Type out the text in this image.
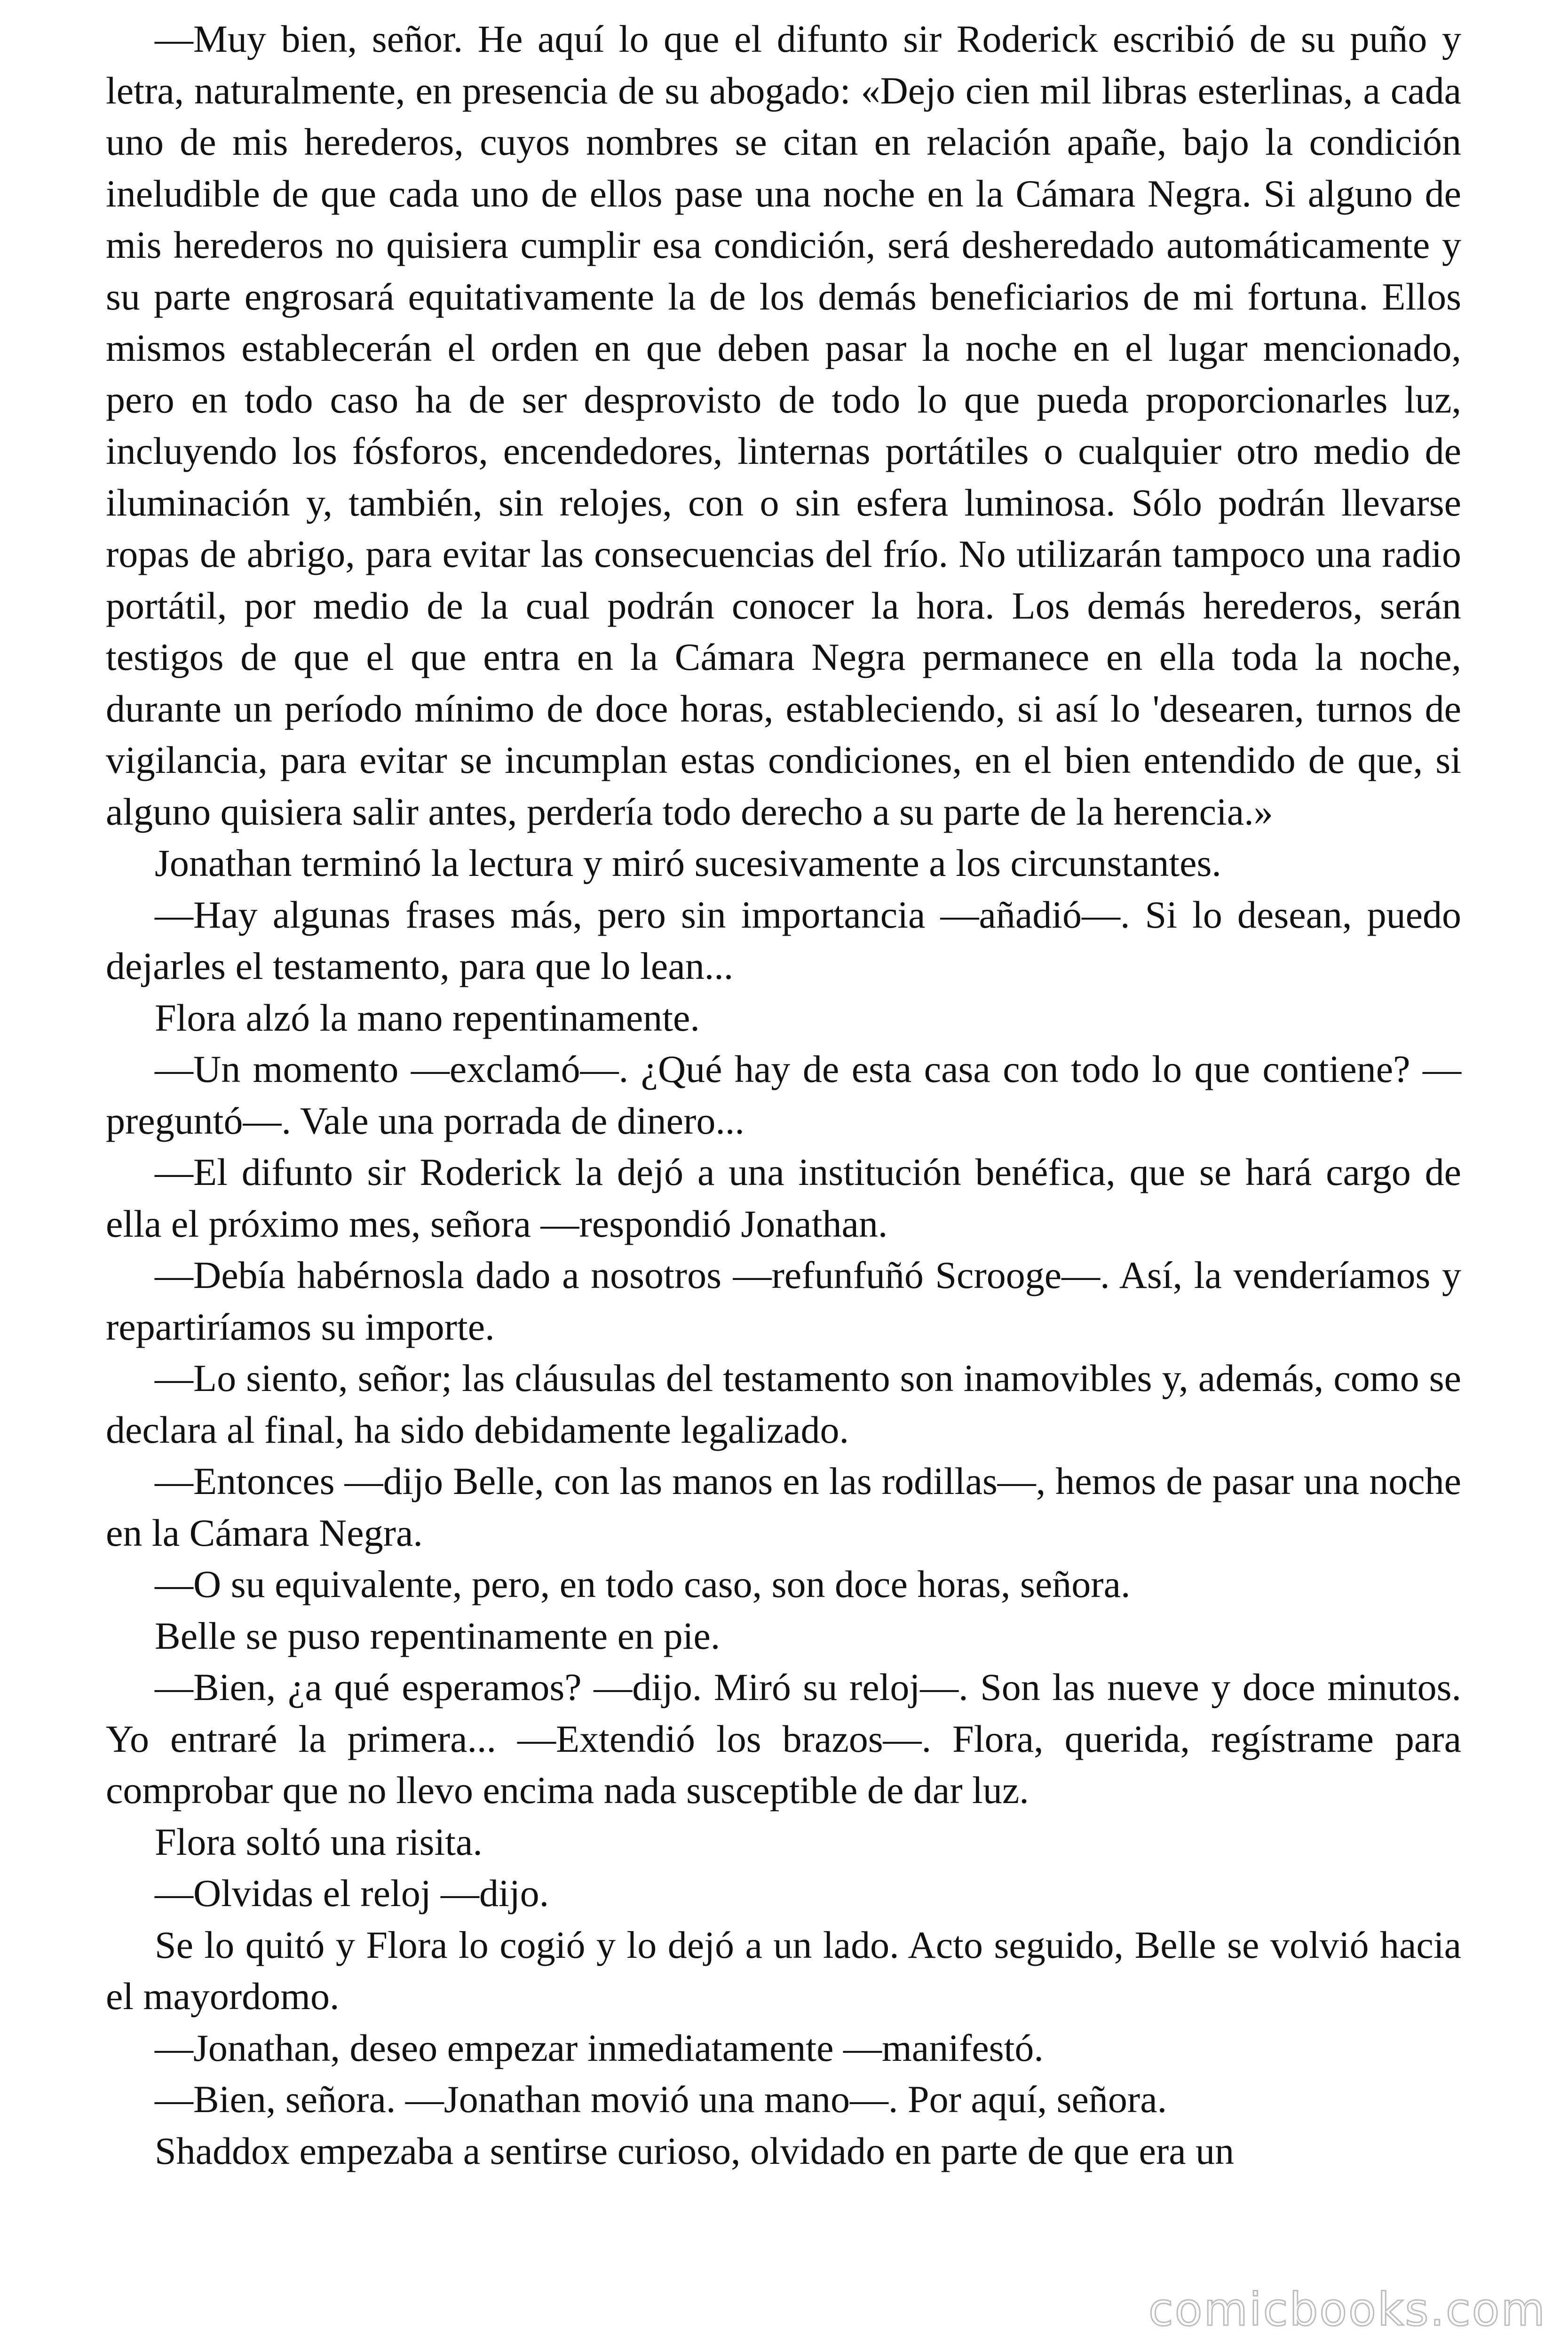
—Muy bien, señor. He aquí lo que el difunto sir Roderick escribió de su puño y letra, naturalmente, en presencia de su abogado: «Dejo cien mil libras esterlinas, a cada uno de mis herederos, cuyos nombres se citan en relación apañe, bajo la condición ineludible de que cada uno de ellos pase una noche en la Cámara Negra. Si alguno de mis herederos no quisiera cumplir esa condición, será desheredado automáticamente y su parte engrosará equitativamente la de los demás beneficiarios de mi fortuna. Ellos mismos establecerán el orden en que deben pasar la noche en el lugar mencionado, pero en todo caso ha de ser desprovisto de todo lo que pueda proporcionarles luz, incluyendo los fósforos, encendedores, linternas portátiles o cualquier otro medio de iluminación y, también, sin relojes, con o sin esfera luminosa. Sólo podrán llevarse ropas de abrigo, para evitar las consecuencias del frío. No utilizarán tampoco una radio portátil, por medio de la cual podrán conocer la hora. Los demás herederos, serán testigos de que el que entra en la Cámara Negra permanece en ella toda la noche, durante un período mínimo de doce horas, estableciendo, si así lo 'desearen, turnos de vigilancia, para evitar se incumplan estas condiciones, en el bien entendido de que, si alguno quisiera salir antes, perdería todo derecho a su parte de la herencia.»

Jonathan terminó la lectura y miró sucesivamente a los circunstantes.

—Hay algunas frases más, pero sin importancia —añadió—. Si lo desean, puedo dejarles el testamento, para que lo lean...

Flora alzó la mano repentinamente.

—Un momento —exclamó—. ¿Qué hay de esta casa con todo lo que contiene? —preguntó—. Vale una porrada de dinero...

—El difunto sir Roderick la dejó a una institución benéfica, que se hará cargo de ella el próximo mes, señora —respondió Jonathan.

—Debía habérnosla dado a nosotros —refunfuñó Scrooge—. Así, la venderíamos y repartiríamos su importe.

—Lo siento, señor; las cláusulas del testamento son inamovibles y, además, como se declara al final, ha sido debidamente legalizado.

—Entonces —dijo Belle, con las manos en las rodillas—, hemos de pasar una noche en la Cámara Negra.

—O su equivalente, pero, en todo caso, son doce horas, señora.

Belle se puso repentinamente en pie.

—Bien, ¿a qué esperamos? —dijo. Miró su reloj—. Son las nueve y doce minutos. Yo entraré la primera... —Extendió los brazos—. Flora, querida, regístrame para comprobar que no llevo encima nada susceptible de dar luz.

Flora soltó una risita.

—Olvidas el reloj —dijo.

Se lo quitó y Flora lo cogió y lo dejó a un lado. Acto seguido, Belle se volvió hacia el mayordomo.

—Jonathan, deseo empezar inmediatamente —manifestó.

—Bien, señora. —Jonathan movió una mano—. Por aquí, señora.

Shaddox empezaba a sentirse curioso, olvidado en parte de que era un

comicbooks.com
